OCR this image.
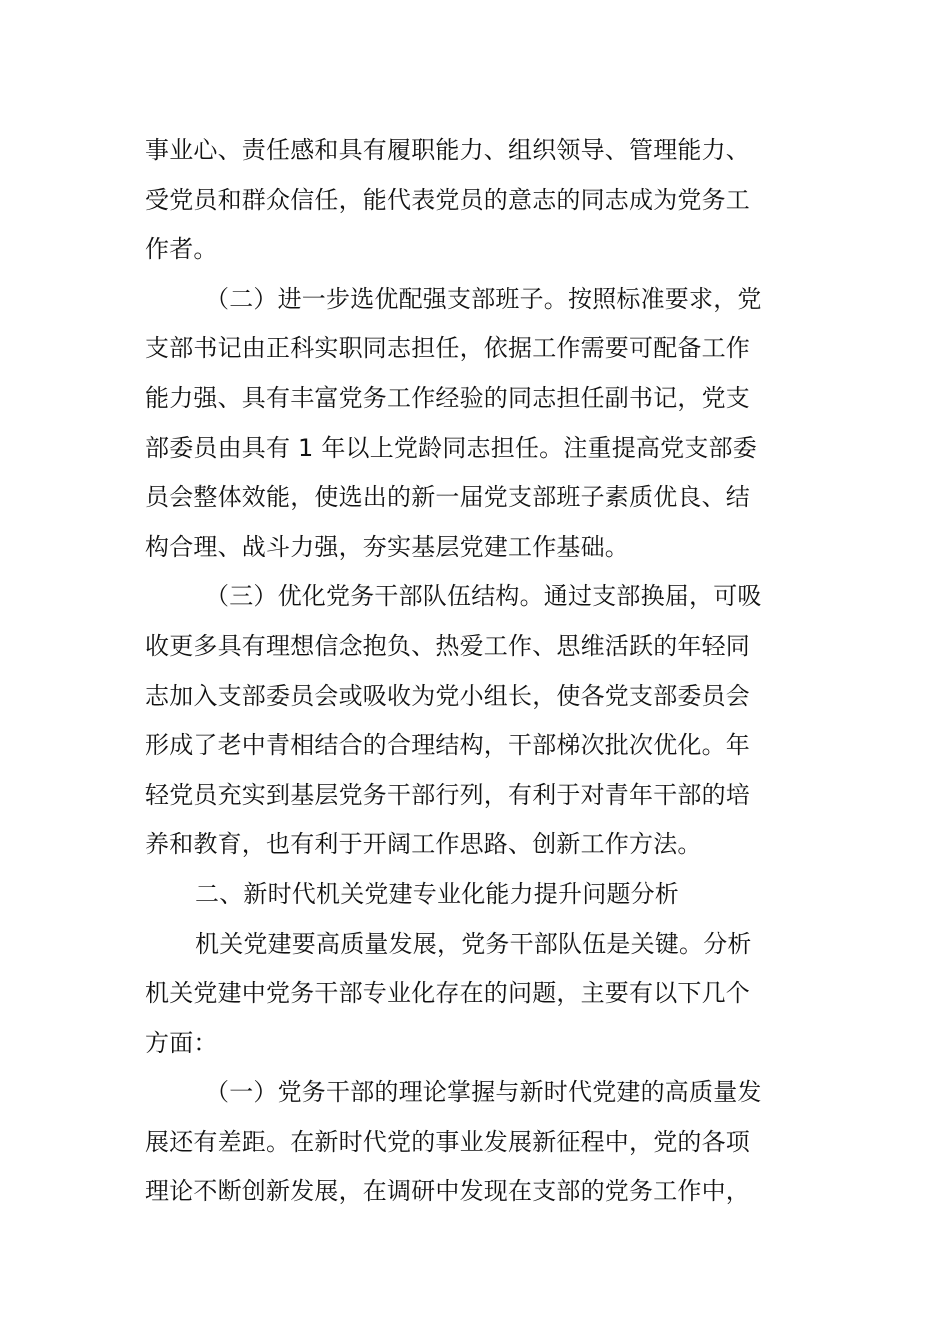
事业心、责任感和具有履职能力、组织领导、管理能力、
受党员和群众信任，能代表党员的意志的同志成为党务工
作者。
（二）进一步选优配强支部班子。按照标准要求，党
支部书记由正科实职同志担任，依据工作需要可配备工作
能力强、具有丰富党务工作经验的同志担任副书记，党支
部委员由具有 1 年以上党龄同志担任。注重提高党支部委
员会整体效能，使选出的新一届党支部班子素质优良、结
构合理、战斗力强，夯实基层党建工作基础。
（三）优化党务干部队伍结构。通过支部换届，可吸
收更多具有理想信念抱负、热爱工作、思维活跃的年轻同
志加入支部委员会或吸收为党小组长，使各党支部委员会
形成了老中青相结合的合理结构，干部梯次批次优化。年
轻党员充实到基层党务干部行列，有利于对青年干部的培
养和教育，也有利于开阔工作思路、创新工作方法。
二、新时代机关党建专业化能力提升问题分析
机关党建要高质量发展，党务干部队伍是关键。分析
机关党建中党务干部专业化存在的问题，主要有以下几个
方面：
（一）党务干部的理论掌握与新时代党建的高质量发
展还有差距。在新时代党的事业发展新征程中，党的各项
理论不断创新发展，在调研中发现在支部的党务工作中，
